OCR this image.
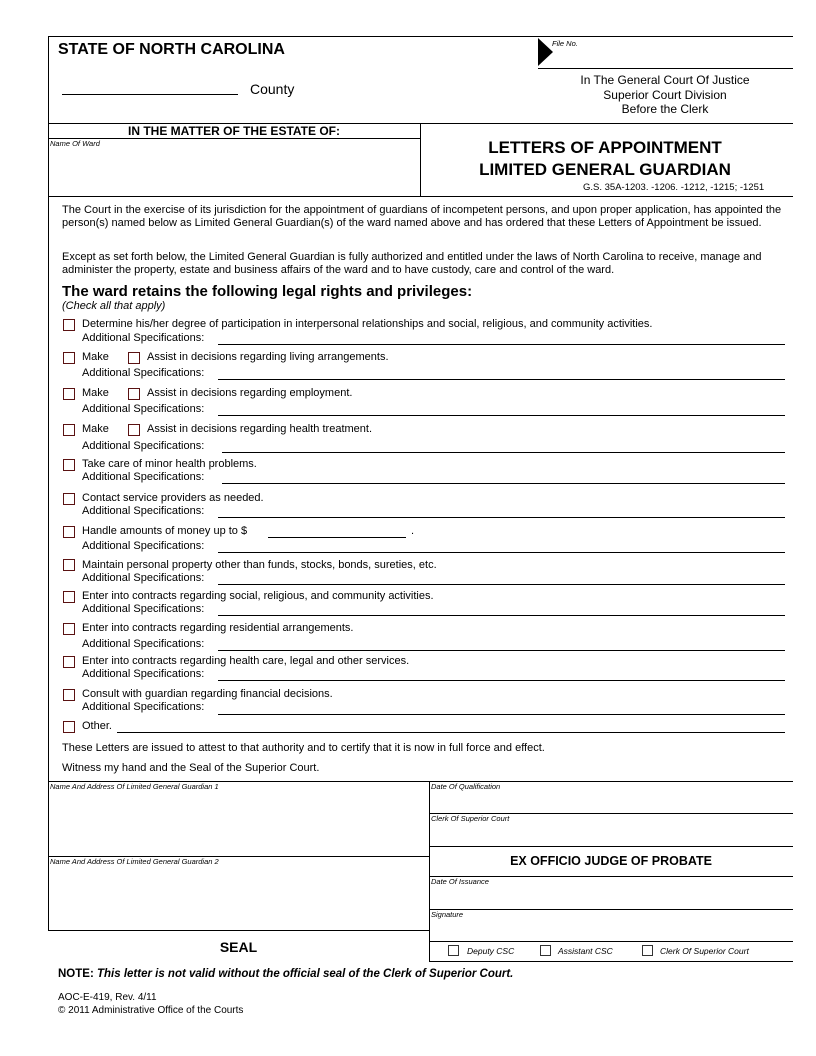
STATE OF NORTH CAROLINA
County
File No.
In The General Court Of Justice
Superior Court Division
Before the Clerk
IN THE MATTER OF THE ESTATE OF:
Name Of Ward	LETTERS OF APPOINTMENT
LIMITED GENERAL GUARDIAN
G.S. 35A-1203. -1206. -1212, -1215; -1251
The Court in the exercise of its jurisdiction for the appointment of guardians of incompetent persons, and upon proper application, has appointed the person(s) named below as Limited General Guardian(s) of the ward named above and has ordered that these Letters of Appointment be issued.
Except as set forth below, the Limited General Guardian is fully authorized and entitled under the laws of North Carolina to receive, manage and administer the property, estate and business affairs of the ward and to have custody, care and control of the ward.
The ward retains the following legal rights and privileges:
(Check all that apply)
Determine his/her degree of participation in interpersonal relationships and social, religious, and community activities.
Additional Specifications:
Make	Assist in decisions regarding living arrangements.
Additional Specifications:
Make	Assist in decisions regarding employment.
Additional Specifications:
Make	Assist in decisions regarding health treatment.
Additional Specifications:
Take care of minor health problems.
Additional Specifications:
Contact service providers as needed.
Additional Specifications:
Handle amounts of money up to $	.
Additional Specifications:
Maintain personal property other than funds, stocks, bonds, sureties, etc.
Additional Specifications:
Enter into contracts regarding social, religious, and community activities.
Additional Specifications:
Enter into contracts regarding residential arrangements.
Additional Specifications:
Enter into contracts regarding health care, legal and other services.
Additional Specifications:
Consult with guardian regarding financial decisions.
Additional Specifications:
Other.
These Letters are issued to attest to that authority and to certify that it is now in full force and effect.
Witness my hand and the Seal of the Superior Court.
Name And Address Of Limited General Guardian 1
Name And Address Of Limited General Guardian 2
SEAL
Date Of Qualification
Clerk Of Superior Court
EX OFFICIO JUDGE OF PROBATE
Date Of Issuance
Signature
Deputy CSC	Assistant CSC	Clerk Of Superior Court
NOTE: This letter is not valid without the official seal of the Clerk of Superior Court.
AOC-E-419, Rev. 4/11
© 2011 Administrative Office of the Courts
